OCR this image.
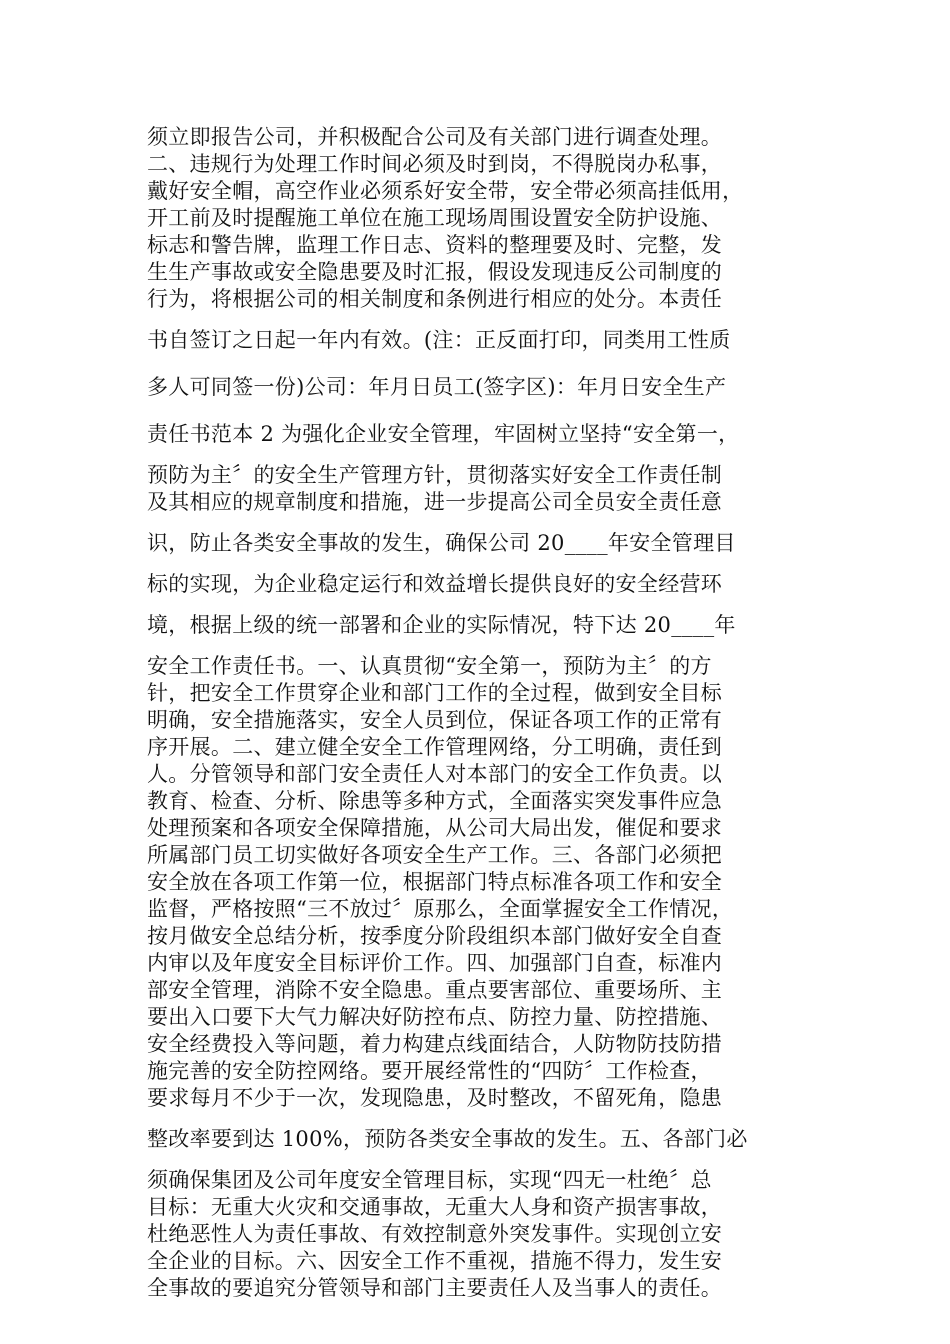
须立即报告公司，并积极配合公司及有关部门进行调查处理。
二、违规行为处理工作时间必须及时到岗，不得脱岗办私事，
戴好安全帽，高空作业必须系好安全带，安全带必须高挂低用，
开工前及时提醒施工单位在施工现场周围设置安全防护设施、
标志和警告牌，监理工作日志、资料的整理要及时、完整，发
生生产事故或安全隐患要及时汇报，假设发现违反公司制度的
行为，将根据公司的相关制度和条例进行相应的处分。本责任
书自签订之日起一年内有效。(注：正反面打印，同类用工性质
多人可同签一份)公司：年月日员工(签字区)：年月日安全生产
责任书范本 2 为强化企业安全管理，牢固树立坚持“安全第一，
预防为主〞的安全生产管理方针，贯彻落实好安全工作责任制
及其相应的规章制度和措施，进一步提高公司全员安全责任意
识，防止各类安全事故的发生，确保公司 20____年安全管理目
标的实现，为企业稳定运行和效益增长提供良好的安全经营环
境，根据上级的统一部署和企业的实际情况，特下达 20____年
安全工作责任书。一、认真贯彻“安全第一，预防为主〞的方
针，把安全工作贯穿企业和部门工作的全过程，做到安全目标
明确，安全措施落实，安全人员到位，保证各项工作的正常有
序开展。二、建立健全安全工作管理网络，分工明确，责任到
人。分管领导和部门安全责任人对本部门的安全工作负责。以
教育、检查、分析、除患等多种方式，全面落实突发事件应急
处理预案和各项安全保障措施，从公司大局出发，催促和要求
所属部门员工切实做好各项安全生产工作。三、各部门必须把
安全放在各项工作第一位，根据部门特点标准各项工作和安全
监督，严格按照“三不放过〞原那么，全面掌握安全工作情况，
按月做安全总结分析，按季度分阶段组织本部门做好安全自查
内审以及年度安全目标评价工作。四、加强部门自查，标准内
部安全管理，消除不安全隐患。重点要害部位、重要场所、主
要出入口要下大气力解决好防控布点、防控力量、防控措施、
安全经费投入等问题，着力构建点线面结合，人防物防技防措
施完善的安全防控网络。要开展经常性的“四防〞工作检查，
要求每月不少于一次，发现隐患，及时整改，不留死角，隐患
整改率要到达 100%，预防各类安全事故的发生。五、各部门必
须确保集团及公司年度安全管理目标，实现“四无一杜绝〞总
目标：无重大火灾和交通事故，无重大人身和资产损害事故，
杜绝恶性人为责任事故、有效控制意外突发事件。实现创立安
全企业的目标。六、因安全工作不重视，措施不得力，发生安
全事故的要追究分管领导和部门主要责任人及当事人的责任。
